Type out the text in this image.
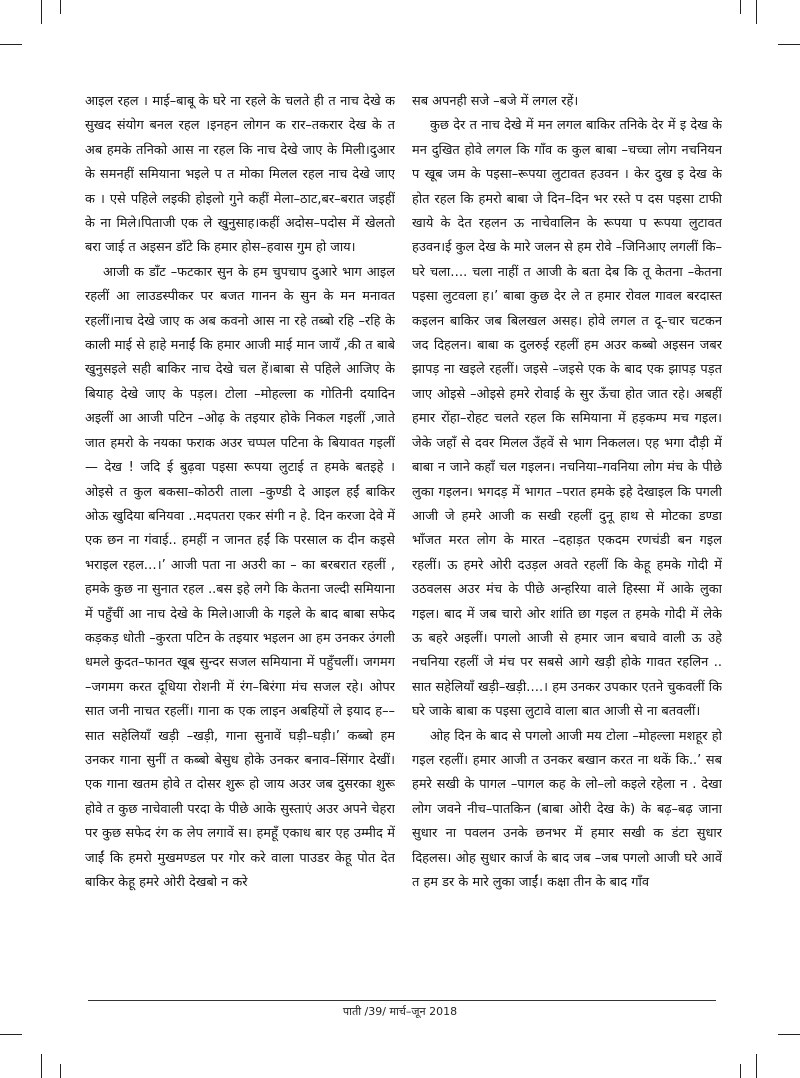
आइल रहल । माई–बाबू के घरे ना रहले के चलते ही त नाच देखे क सुखद संयोग बनल रहल ।इनहन लोगन क रार–तकरार देख के त अब हमके तनिको आस ना रहल कि नाच देखे जाए के मिली।दुआर के समनहीं समियाना भइले प त मोका मिलल रहल नाच देखे जाए क । एसे पहिले लइकी होइलो गुने कहीं मेला–ठाट,बर–बरात जइहीं के ना मिले।पिताजी एक ले खुनुसाह।कहीं अदोस–पदोस में खेलतो बरा जाई त अइसन डॉंटे कि हमार होस–हवास गुम हो जाय।

आजी क डॉंट –फटकार सुन के हम चुपचाप दुआरे भाग आइल रहलीं आ लाउडस्पीकर पर बजत गानन के सुन के मन मनावत रहलीं।नाच देखे जाए क अब कवनो आस ना रहे तब्बो रहि –रहि के काली माई से हाहे मनाईं कि हमार आजी माई मान जायँ ,की त बाबे खुनुसइले सही बाकिर नाच देखे चल हें।बाबा से पहिले आजिए के बियाह देखे जाए के पड़ल। टोला –मोहल्ला क गोतिनी दयादिन अइलीं आ आजी पटिन –ओढ़ के तइयार होके निकल गइलीं ,जाते जात हमरो के नयका फराक अउर चप्पल पटिना के बियावत गइलीं— देख ! जदि ई बुढ़वा पइसा रूपया लुटाई त हमके बतइहे । ओइसे त कुल बकसा–कोठरी ताला –कुण्डी दे आइल हईं बाकिर ओऊ खुदिया बनियवा ..मदपतरा एकर संगी न हे. दिन करजा देवे में एक छन ना गंवाई.. हमहीं न जानत हईं कि परसाल क दीन कइसे भराइल रहल…।’ आजी पता ना अउरी का – का बरबरात रहलीं , हमके कुछ ना सुनात रहल ..बस इहे लगे कि केतना जल्दी समियाना में पहुँचीं आ नाच देखे के मिले।आजी के गइले के बाद बाबा सफेद कड़कड़ धोती –कुरता पटिन के तइयार भइलन आ हम उनकर उंगली धमले कुदत–फानत खूब सुन्दर सजल समियाना में पहुँचलीं। जगमग –जगमग करत दूधिया रोशनी में रंग–बिरंगा मंच सजल रहे। ओपर सात जनी नाचत रहलीं। गाना क एक लाइन अबहियों ले इयाद ह–– सात सहेलियाँ खड़ी –खड़ी, गाना सुनावें घड़ी–घड़ी।’ कब्बो हम उनकर गाना सुनीं त कब्बो बेसुध होके उनकर बनाव–सिंगार देखीं। एक गाना खतम होवे त दोसर शुरू हो जाय अउर जब दुसरका शुरू होवे त कुछ नाचेवाली परदा के पीछे आके सुस्ताएं अउर अपने चेहरा पर कुछ सफेद रंग क लेप लगावें स। हमहूँ एकाध बार एह उम्मीद में जाईं कि हमरो मुखमण्डल पर गोर करे वाला पाउडर केहू पोत देत बाकिर केहू हमरे ओरी देखबो न करे

सब अपनही सजे –बजे में लगल रहें।

कुछ देर त नाच देखे में मन लगल बाकिर तनिके देर में इ देख के मन दुखित होवे लगल कि गाँव क कुल बाबा –चच्चा लोग नचनियन प खूब जम के पइसा–रूपया लुटावत हउवन । केर दुख इ देख के होत रहल कि हमरो बाबा जे दिन–दिन भर रस्ते प दस पइसा टाफी खाये के देत रहलन ऊ नाचेवालिन के रूपया प रूपया लुटावत हउवन।ई कुल देख के मारे जलन से हम रोवे –जिनिआए लगलीं कि– घरे चला…. चला नाहीं त आजी के बता देब कि तू केतना –केतना पइसा लुटवला ह।’ बाबा कुछ देर ले त हमार रोवल गावल बरदास्त कइलन बाकिर जब बिलखल असह। होवे लगल त दू–चार चटकन जद दिहलन। बाबा क दुलरुई रहलीं हम अउर कब्बो अइसन जबर झापड़ ना खइले रहलीं। जइसे –जइसे एक के बाद एक झापड़ पड़त जाए ओइसे –ओइसे हमरे रोवाई के सुर ऊँचा होत जात रहे। अबहीं हमार रोंहा–रोहट चलते रहल कि समियाना में हड़कम्प मच गइल। जेके जहाँ से दवर मिलल उँहवें से भाग निकलल। एह भगा दौड़ी में बाबा न जाने कहाँ चल गइलन। नचनिया–गवनिया लोग मंच के पीछे लुका गइलन। भगदड़ में भागत –परात हमके इहे देखाइल कि पगली आजी जे हमरे आजी क सखी रहलीं दुनू हाथ से मोटका डण्डा भाँजत मरत लोग के मारत –दहाड़त एकदम रणचंडी बन गइल रहलीं। ऊ हमरे ओरी दउड़ल अवते रहलीं कि केहू हमके गोदी में उठवलस अउर मंच के पीछे अन्हरिया वाले हिस्सा में आके लुका गइल। बाद में जब चारो ओर शांति छा गइल त हमके गोदी में लेके ऊ बहरे अइलीं। पगलो आजी से हमार जान बचावे वाली ऊ उहे नचनिया रहलीं जे मंच पर सबसे आगे खड़ी होके गावत रहलिन .. सात सहेलियाँ खड़ी–खड़ी….। हम उनकर उपकार एतने चुकवलीं कि घरे जाके बाबा क पइसा लुटावे वाला बात आजी से ना बतवलीं।

ओह दिन के बाद से पगलो आजी मय टोला –मोहल्ला मशहूर हो गइल रहलीं। हमार आजी त उनकर बखान करत ना थकें कि..’ सब हमरे सखी के पागल –पागल कह के लो–लो कइले रहेला न . देखा लोग जवने नीच–पातकिन (बाबा ओरी देख के) के बढ़–बढ़ जाना सुधार ना पवलन उनके छनभर में हमार सखी क डंटा सुधार दिहलस। ओह सुधार कार्ज के बाद जब –जब पगलो आजी घरे आवें त हम डर के मारे लुका जाईं। कक्षा तीन के बाद गाँव

पाती /39/ मार्च–जून 2018
